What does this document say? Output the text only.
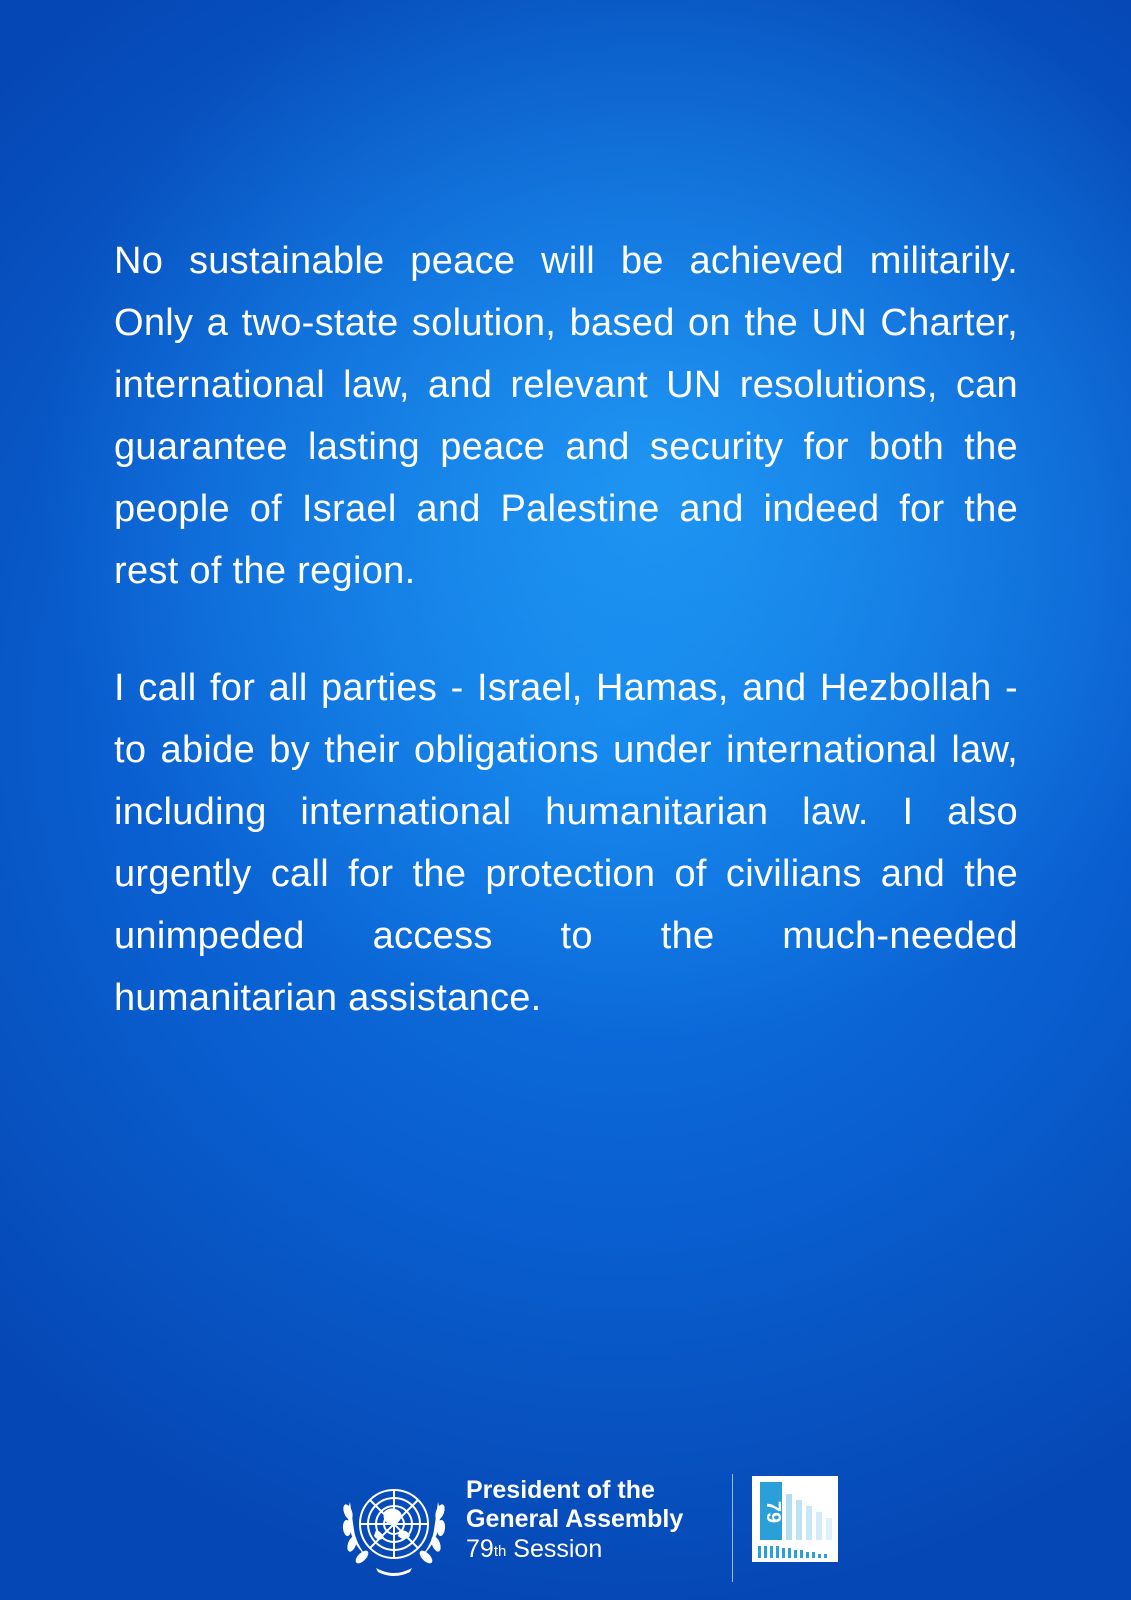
No sustainable peace will be achieved militarily. Only a two-state solution, based on the UN Charter, international law, and relevant UN resolutions, can guarantee lasting peace and security for both the people of Israel and Palestine and indeed for the rest of the region.

I call for all parties - Israel, Hamas, and Hezbollah - to abide by their obligations under international law, including international humanitarian law. I also urgently call for the protection of civilians and the unimpeded access to the much-needed humanitarian assistance.

President of the
General Assembly
79th Session
79
